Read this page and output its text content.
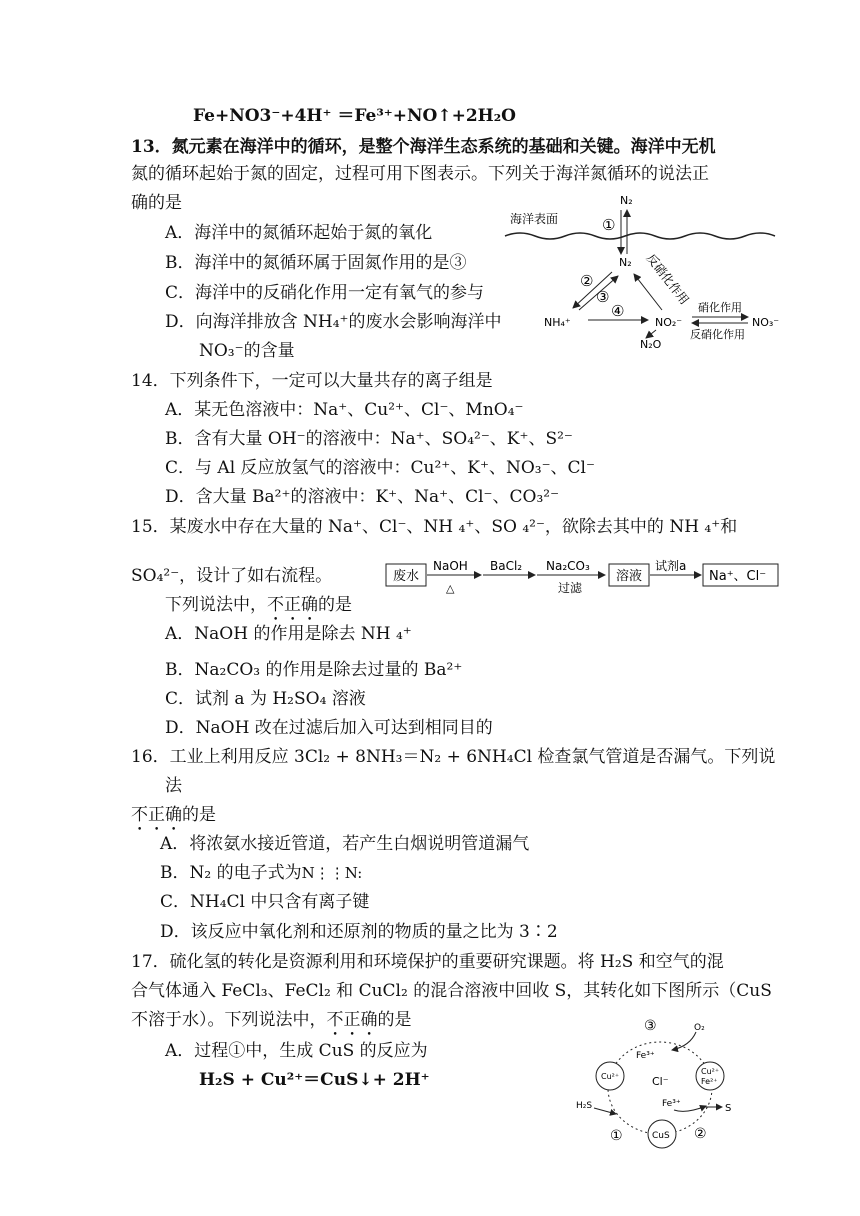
Fe+NO3⁻+4H⁺ ＝Fe³⁺+NO↑+2H₂O
13．氮元素在海洋中的循环，是整个海洋生态系统的基础和关键。海洋中无机
氮的循环起始于氮的固定，过程可用下图表示。下列关于海洋氮循环的说法正
确的是
A．海洋中的氮循环起始于氮的氧化
B．海洋中的氮循环属于固氮作用的是③
C．海洋中的反硝化作用一定有氧气的参与
D．向海洋排放含 NH₄⁺的废水会影响海洋中
NO₃⁻的含量
海洋表面
N₂
①
N₂
②
③	反硝化作用
NH₄⁺
④
NO₂⁻
N₂O
硝化作用
反硝化作用
NO₃⁻
14．下列条件下，一定可以大量共存的离子组是
A．某无色溶液中：Na⁺、Cu²⁺、Cl⁻、MnO₄⁻
B．含有大量 OH⁻的溶液中：Na⁺、SO₄²⁻、K⁺、S²⁻
C．与 Al 反应放氢气的溶液中：Cu²⁺、K⁺、NO₃⁻、Cl⁻
D．含大量 Ba²⁺的溶液中：K⁺、Na⁺、Cl⁻、CO₃²⁻
15．某废水中存在大量的 Na⁺、Cl⁻、NH ₄⁺、SO ₄²⁻，欲除去其中的 NH ₄⁺和
SO₄²⁻，设计了如右流程。
下列说法中，不正确的是
A．NaOH 的作用是除去 NH ₄⁺
B．Na₂CO₃ 的作用是除去过量的 Ba²⁺
C．试剂 a 为 H₂SO₄ 溶液
D．NaOH 改在过滤后加入可达到相同目的
废水
NaOH
△
BaCl₂ Na₂CO₃
过滤
溶液
试剂a
Na⁺、Cl⁻
16．工业上利用反应 3Cl₂ + 8NH₃＝N₂ + 6NH₄Cl 检查氯气管道是否漏气。下列说
法
不正确的是
A．将浓氨水接近管道，若产生白烟说明管道漏气
B．N₂ 的电子式为N⋮⋮N:
C．NH₄Cl 中只含有离子键
D．该反应中氧化剂和还原剂的物质的量之比为 3∶2
17．硫化氢的转化是资源利用和环境保护的重要研究课题。将 H₂S 和空气的混
合气体通入 FeCl₃、FeCl₂ 和 CuCl₂ 的混合溶液中回收 S，其转化如下图所示（CuS
不溶于水）。下列说法中，不正确的是
A．过程①中，生成 CuS 的反应为
H₂S + Cu²⁺＝CuS↓+ 2H⁺
③	O₂
Fe³⁺
Cu²⁺	Cl⁻
Cu²⁺
Fe²⁺
H₂S	Fe³⁺	S
CuS
①	②
